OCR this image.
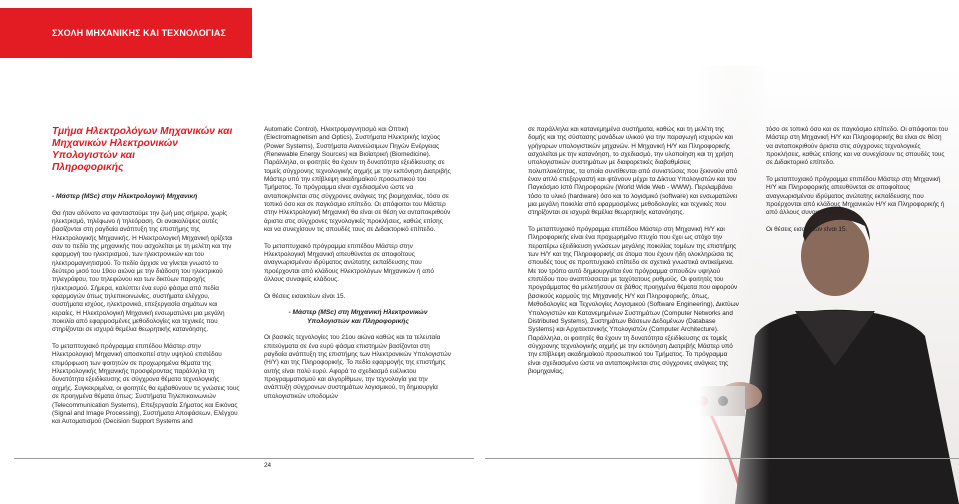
ΣΧΟΛΗ ΜΗΧΑΝΙΚΗΣ ΚΑΙ ΤΕΧΝΟΛΟΓΙΑΣ
Τμήμα Ηλεκτρολόγων Μηχανικών και
Μηχανικών Ηλεκτρονικών Υπολογιστών και
Πληροφορικής

- Μάστερ (MSc) στην Ηλεκτρολογική Μηχανική

Θα ήταν αδύνατο να φανταστούμε την ζωή μας σήμερα, χωρίς ηλεκτρισμό, τηλέφωνο ή τηλεόραση. Οι ανακαλύψεις αυτές βασίζονται στη ραγδαία ανάπτυξη της επιστήμης της Ηλεκτρολογικής Μηχανικής. Η Ηλεκτρολογική Μηχανική ορίζεται σαν το πεδίο της μηχανικής που ασχολείται με τη μελέτη και την εφαρμογή του ηλεκτρισμού, των ηλεκτρονικών και του ηλεκτρομαγνητισμού. Το πεδίο άρχισε να γίνεται γνωστό το δεύτερο μισό του 19ου αιώνα με την διάδοση του ηλεκτρικού τηλεγράφου, του τηλεφώνου και των δικτύων παροχής ηλεκτρισμού. Σήμερα, καλύπτει ένα ευρύ φάσμα από πεδία εφαρμογών όπως τηλεπικοινωνίες, συστήματα ελέγχου, συστήματα ισχύος, ηλεκτρονικά, επεξεργασία σημάτων και κεραίες. Η Ηλεκτρολογική Μηχανική ενσωματώνει μια μεγάλη ποικιλία από εφαρμοσμένες μεθοδολογίες και τεχνικές που στηρίζονται σε ισχυρά θεμέλια θεωρητικής κατανόησης.

Το μεταπτυχιακό πρόγραμμα επιπέδου Μάστερ στην Ηλεκτρολογική Μηχανική αποσκοπεί στην υψηλού επιπέδου επιμόρφωση των φοιτητών σε προχωρημένα θέματα της Ηλεκτρολογικής Μηχανικής προσφέροντας παράλληλα τη δυνατότητα εξειδίκευσης σε σύγχρονα θέματα τεχνολογικής αιχμής. Συγκεκριμένα, οι φοιτητές θα εμβαθύνουν τις γνώσεις τους σε προηγμένα θέματα όπως: Συστήματα Τηλεπικοινωνιών (Telecommunication Systems), Επεξεργασία Σήματος και Εικόνας (Signal and Image Processing), Συστήματα Αποφάσεων, Ελέγχου και Αυτοματισμού (Decision Support Systems and

Automatic Control), Ηλεκτρομαγνητισμό και Οπτική (Electromagnetism and Optics), Συστήματα Ηλεκτρικής Ισχύος (Power Systems), Συστήματα Ανανεώσιμων Πηγών Ενέργειας (Renewable Energy Sources) και Βιοϊατρική (Biomedicine). Παράλληλα, οι φοιτητές θα έχουν τη δυνατότητα εξειδίκευσης σε τομείς σύγχρονης τεχνολογικής αιχμής με την εκπόνηση Διατριβής Μάστερ υπό την επίβλεψη ακαδημαϊκού προσωπικού του Τμήματος. Το πρόγραμμα είναι σχεδιασμένο ώστε να ανταποκρίνεται στις σύγχρονες ανάγκες της βιομηχανίας, τόσο σε τοπικό όσο και σε παγκόσμιο επίπεδο. Οι απόφοιτοι του Μάστερ στην Ηλεκτρολογική Μηχανική θα είναι σε θέση να ανταποκριθούν άριστα στις σύγχρονες τεχνολογικές προκλήσεις, καθώς επίσης και να συνεχίσουν τις σπουδές τους σε Διδακτορικό επίπεδο.

Το μεταπτυχιακό πρόγραμμα επιπέδου Μάστερ στην Ηλεκτρολογική Μηχανική απευθύνεται σε αποφοίτους αναγνωρισμένου ιδρύματος ανώτατης εκπαίδευσης που προέρχονται από κλάδους Ηλεκτρολόγων Μηχανικών ή από άλλους συναφείς κλάδους.

Οι θέσεις εισακτέων είναι 15.

- Μάστερ (MSc) στη Μηχανική Ηλεκτρονικών
Υπολογιστών και Πληροφορικής

Οι βασικές τεχνολογίες του 21ου αιώνα καθώς και τα τελευταία επιτεύγματα σε ένα ευρύ φάσμα επιστημών βασίζονται στη ραγδαία ανάπτυξη της επιστήμης των Ηλεκτρονικών Υπολογιστών (Η/Υ) και της Πληροφορικής. Το πεδίο εφαρμογής της επιστήμης αυτής είναι πολύ ευρύ. Αφορά το σχεδιασμό ευέλικτου προγραμματισμού και αλγορίθμων, την τεχνολογία για την ανάπτυξη σύγχρονων συστημάτων λογισμικού, τη δημιουργία υπολογιστικών υποδομών

σε παράλληλα και κατανεμημένα συστήματα, καθώς και τη μελέτη της δομής και της σύστασης μονάδων υλικού για την παραγωγή ισχυρών και γρήγορων υπολογιστικών μηχανών. Η Μηχανική Η/Υ και Πληροφορικής ασχολείται με την κατανόηση, το σχεδιασμό, την υλοποίηση και τη χρήση υπολογιστικών συστημάτων με διαφορετικές διαβαθμίσεις πολυπλοκότητας, τα οποία συντίθενται από συνιστώσες που ξεκινούν από έναν απλό επεξεργαστή και φτάνουν μέχρι τα Δίκτυα Υπολογιστών και τον Παγκόσμιο Ιστό Πληροφοριών (World Wide Web - WWW). Περιλαμβάνει τόσο το υλικό (hardware) όσο και το λογισμικό (software) και ενσωματώνει μια μεγάλη ποικιλία από εφαρμοσμένες μεθοδολογίες και τεχνικές που στηρίζονται σε ισχυρά θεμέλια θεωρητικής κατανόησης.

Το μεταπτυχιακό πρόγραμμα επιπέδου Μάστερ στη Μηχανική Η/Υ και Πληροφορικής είναι ένα προχωρημένο πτυχίο που έχει ως στόχο την περαιτέρω εξειδίκευση γνώσεων μεγάλης ποικιλίας τομέων της επιστήμης των Η/Υ και της Πληροφορικής σε άτομα που έχουν ήδη ολοκληρώσει τις σπουδές τους σε προπτυχιακό επίπεδο σε σχετικά γνωστικά αντικείμενα. Με τον τρόπο αυτό δημιουργείται ένα πρόγραμμα σπουδών υψηλού επιπέδου που αναπτύσσεται με ταχύτατους ρυθμούς. Οι φοιτητές του προγράμματος θα μελετήσουν σε βάθος προηγμένα θέματα που αφορούν βασικούς κορμούς της Μηχανικής Η/Υ και Πληροφορικής, όπως, Μεθοδολογίες και Τεχνολογίες Λογισμικού (Software Engineering), Δικτύων Υπολογιστών και Κατανεμημένων Συστημάτων (Computer Networks and Distributed Systems), Συστημάτων Βάσεων Δεδομένων (Database Systems) και Αρχιτεκτονικής Υπολογιστών (Computer Architecture). Παράλληλα, οι φοιτητές θα έχουν τη δυνατότητα εξειδίκευσης σε τομείς σύγχρονης τεχνολογικής αιχμής με την εκπόνηση Διατριβής Μάστερ υπό την επίβλεψη ακαδημαϊκού προσωπικού του Τμήματος. Το πρόγραμμα είναι σχεδιασμένο ώστε να ανταποκρίνεται στις σύγχρονες ανάγκες της βιομηχανίας,

τόσο σε τοπικό όσο και σε παγκόσμιο επίπεδο. Οι απόφοιτοι του Μάστερ στη Μηχανική Η/Υ και Πληροφορικής θα είναι σε θέση να ανταποκριθούν άριστα στις σύγχρονες τεχνολογικές προκλήσεις, καθώς επίσης και να συνεχίσουν τις σπουδές τους σε Διδακτορικό επίπεδο.

Το μεταπτυχιακό πρόγραμμα επιπέδου Μάστερ στη Μηχανική Η/Υ και Πληροφορικής απευθύνεται σε αποφοίτους αναγνωρισμένου ιδρύματος ανώτατης εκπαίδευσης που προέρχονται από κλάδους Μηχανικών Η/Υ και Πληροφορικής ή από άλλους συναφείς κλάδους.

Οι θέσεις εισακτέων είναι 15.

24	25
